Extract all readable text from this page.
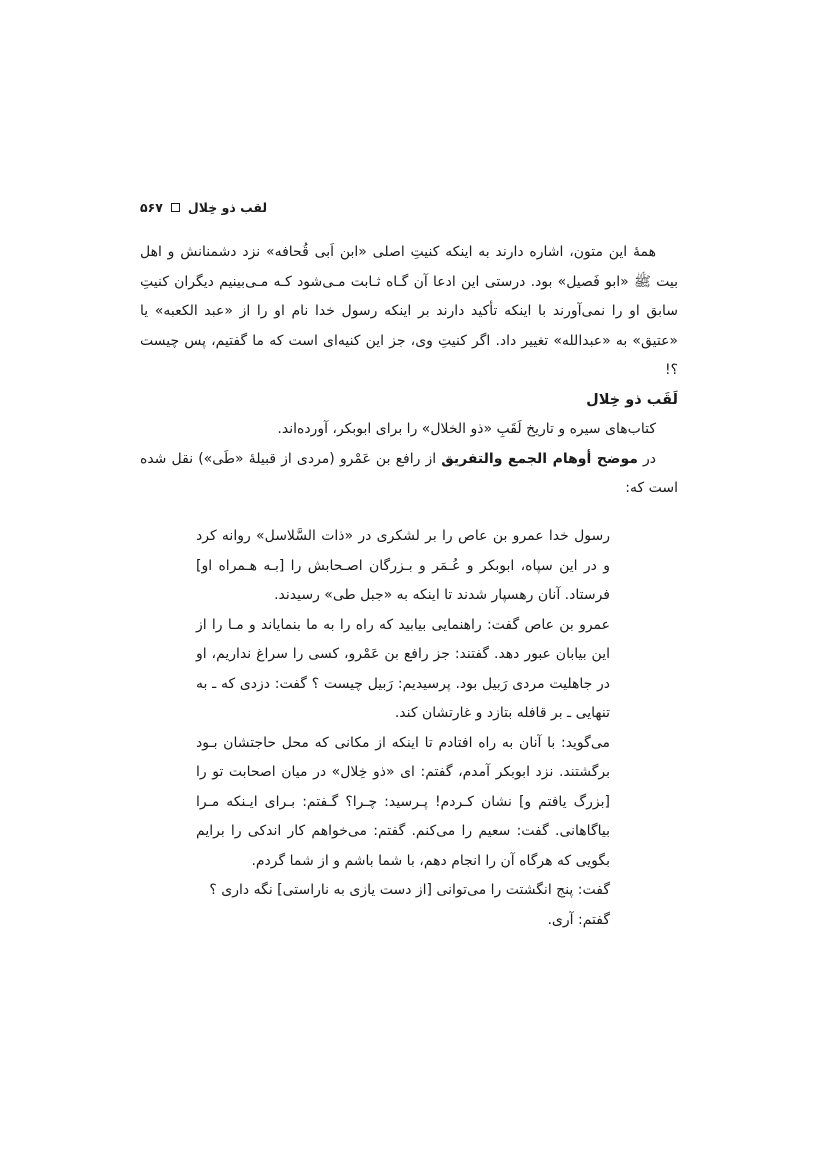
لقب ذو خِلال
۵۶۷

همهٔ این متون، اشاره دارند به اینکه کنیتِ اصلی «ابن اَبی قُحافه» نزد دشمنانش و اهل بیت ﷺ «ابو فَصیل» بود. درستی این ادعا آن گـاه ثـابت مـی‌شود کـه مـی‌بینیم دیگران کنیتِ سابق او را نمی‌آورند با اینکه تأکید دارند بر اینکه رسول خدا نام او را از «عبد الکعبه» یا «عتیق» به «عبدالله» تغییر داد. اگر کنیتِ وی، جز این کنیه‌ای است که ما گفتیم، پس چیست ؟!

لَقَب ذو خِلال

کتاب‌های سیره و تاریخ لَقَبِ «ذو الخلال» را برای ابوبکر، آورده‌اند.

در موضح أوهام الجمع والتفريق از رافع بن عَمْرو (مردی از قبیلهٔ «طَی») نقل شده است که:

رسول خدا عمرو بن عاص را بر لشکری در «ذات السَّلاسل» روانه کرد و در این سپاه، ابوبکر و عُـمَر و بـزرگان اصـحابش را [بـه هـمراه او] فرستاد. آنان رهسپار شدند تا اینکه به «جبل طی» رسیدند.

عمرو بن عاص گفت: راهنمایی بیابید که راه را به ما بنمایاند و مـا را از این بیابان عبور دهد. گفتند: جز رافع بن عَمْرو، کسی را سراغ نداریم، او در جاهلیت مردی رَبیل بود. پرسیدیم: رَبیل چیست ؟ گفت: دزدی که ـ به تنهایی ـ بر قافله بتازد و غارتشان کند.

می‌گوید: با آنان به راه افتادم تا اینکه از مکانی که محل حاجتشان بـود برگشتند. نزد ابوبکر آمدم، گفتم: ای «ذو خِلال» در میان اصحابت تو را [بزرگ یافتم و] نشان کـردم! پـرسید: چـرا؟ گـفتم: بـرای ایـنکه مـرا بیاگاهانی. گفت: سعیم را می‌کنم. گفتم: می‌خواهم کار اندکی را برایم بگویی که هرگاه آن را انجام دهم، با شما باشم و از شما گردم.

گفت: پنج انگشتت را می‌توانی [از دست یازی به ناراستی] نگه داری ؟

گفتم: آری.
